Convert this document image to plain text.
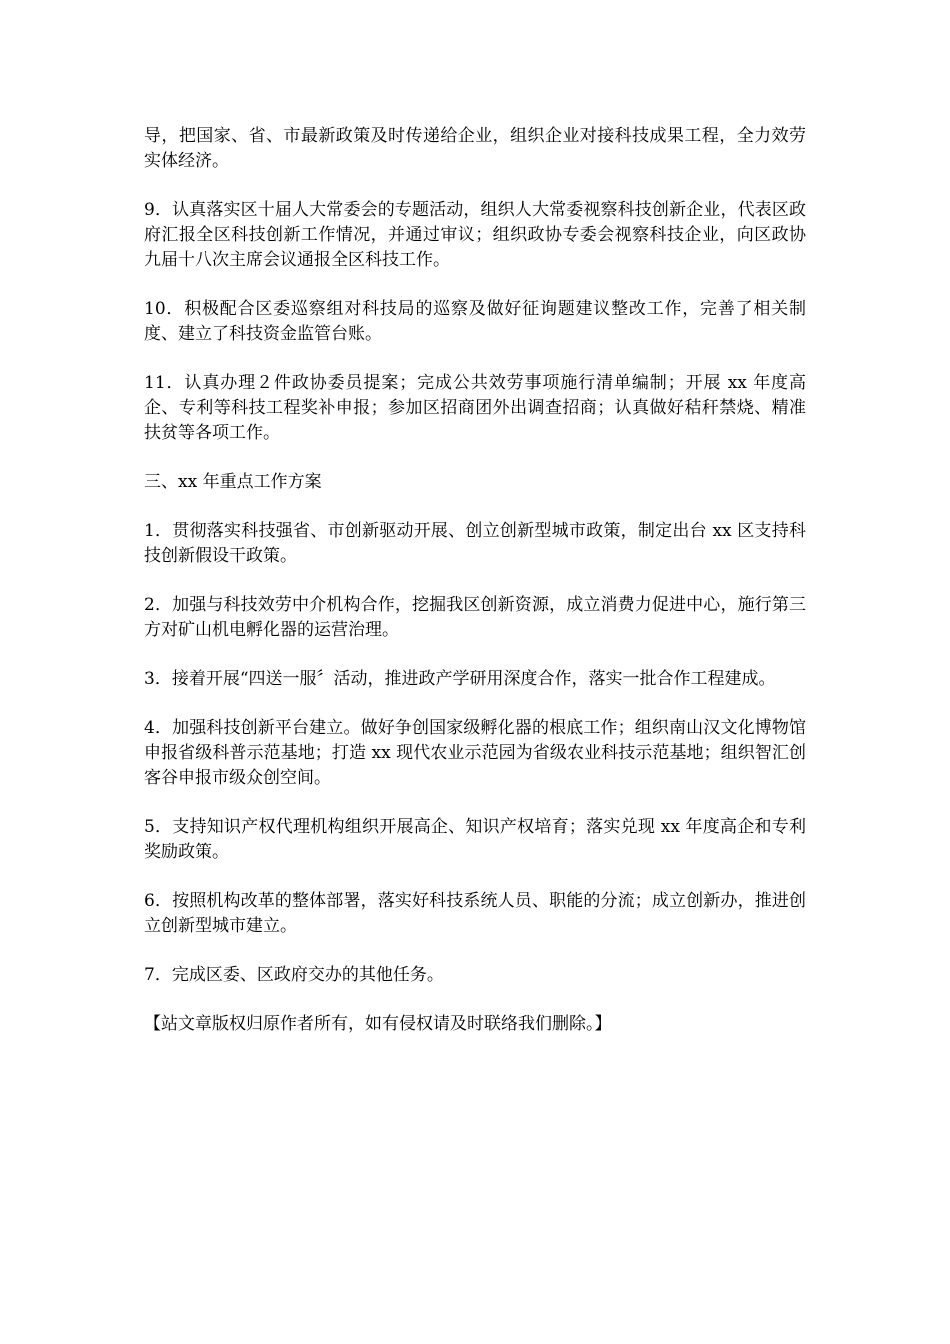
导，把国家、省、市最新政策及时传递给企业，组织企业对接科技成果工程，全力效劳实体经济。

9．认真落实区十届人大常委会的专题活动，组织人大常委视察科技创新企业，代表区政府汇报全区科技创新工作情况，并通过审议；组织政协专委会视察科技企业，向区政协九届十八次主席会议通报全区科技工作。

10．积极配合区委巡察组对科技局的巡察及做好征询题建议整改工作，完善了相关制度、建立了科技资金监管台账。

11．认真办理２件政协委员提案；完成公共效劳事项施行清单编制；开展 xx 年度高企、专利等科技工程奖补申报；参加区招商团外出调查招商；认真做好秸秆禁烧、精准扶贫等各项工作。

三、xx 年重点工作方案

1．贯彻落实科技强省、市创新驱动开展、创立创新型城市政策，制定出台 xx 区支持科技创新假设干政策。

2．加强与科技效劳中介机构合作，挖掘我区创新资源，成立消费力促进中心，施行第三方对矿山机电孵化器的运营治理。

3．接着开展“四送一服〞活动，推进政产学研用深度合作，落实一批合作工程建成。

4．加强科技创新平台建立。做好争创国家级孵化器的根底工作；组织南山汉文化博物馆申报省级科普示范基地；打造 xx 现代农业示范园为省级农业科技示范基地；组织智汇创客谷申报市级众创空间。

5．支持知识产权代理机构组织开展高企、知识产权培育；落实兑现 xx 年度高企和专利奖励政策。

6．按照机构改革的整体部署，落实好科技系统人员、职能的分流；成立创新办，推进创立创新型城市建立。

7．完成区委、区政府交办的其他任务。

【站文章版权归原作者所有，如有侵权请及时联络我们删除。】
